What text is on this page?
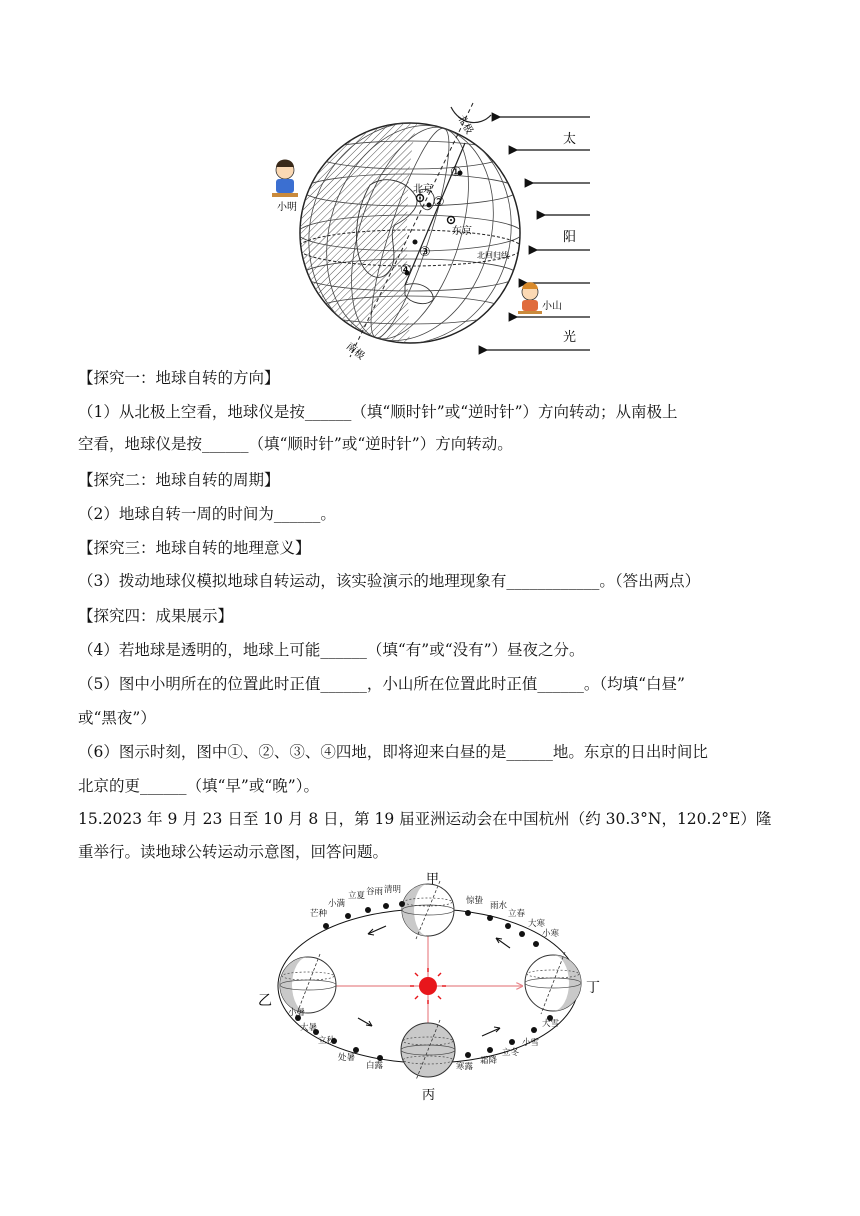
北极
南极
北京
东京
北回归线
①
②
③
④
太
阳
光
小明
小山
【探究一：地球自转的方向】
（1）从北极上空看，地球仪是按______（填“顺时针”或“逆时针”）方向转动；从南极上
空看，地球仪是按______（填“顺时针”或“逆时针”）方向转动。
【探究二：地球自转的周期】
（2）地球自转一周的时间为______。
【探究三：地球自转的地理意义】
（3）拨动地球仪模拟地球自转运动，该实验演示的地理现象有____________。（答出两点）
【探究四：成果展示】
（4）若地球是透明的，地球上可能______（填“有”或“没有”）昼夜之分。
（5）图中小明所在的位置此时正值______，小山所在位置此时正值______。（均填“白昼”
或“黑夜”）
（6）图示时刻，图中①、②、③、④四地，即将迎来白昼的是______地。东京的日出时间比
北京的更______（填“早”或“晚”）。
15.2023 年 9 月 23 日至 10 月 8 日，第 19 届亚洲运动会在中国杭州（约 30.3°N，120.2°E）隆
重举行。读地球公转运动示意图，回答问题。
甲
乙
丙
丁
芒种
小满
立夏 谷雨 清明
惊蛰 雨水
立春
大寒
小寒
小暑
大暑
立秋
处暑
白露	寒露
霜降
立冬
小雪
大雪
